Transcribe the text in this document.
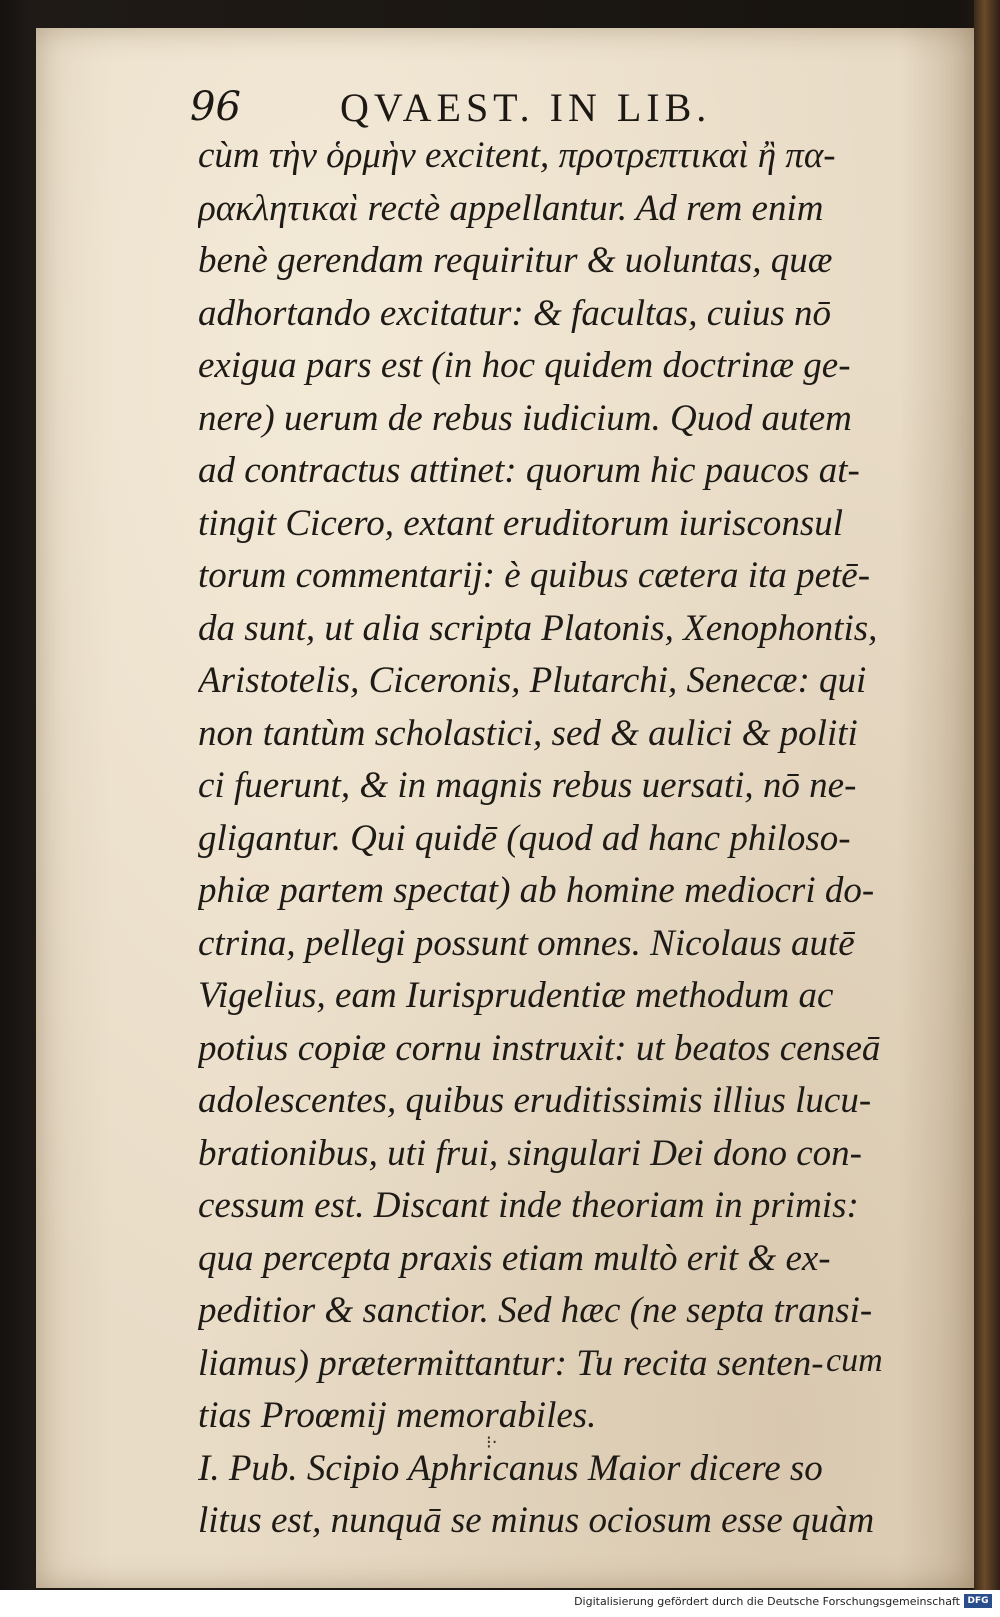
96 QVAEST. IN LIB.
cùm τὴν ὁρμὴν excitent, προτρεπτικαὶ ἢ πα-
ρακλητικαὶ rectè appellantur. Ad rem enim
benè gerendam requiritur & uoluntas, quæ
adhortando excitatur: & facultas, cuius nō
exigua pars est (in hoc quidem doctrinæ ge-
nere) uerum de rebus iudicium. Quod autem
ad contractus attinet: quorum hic paucos at-
tingit Cicero, extant eruditorum iurisconsul
torum commentarij: è quibus cætera ita petē-
da sunt, ut alia scripta Platonis, Xenophontis,
Aristotelis, Ciceronis, Plutarchi, Senecæ: qui
non tantùm scholastici, sed & aulici & politi
ci fuerunt, & in magnis rebus uersati, nō ne-
gligantur. Qui quidē (quod ad hanc philoso-
phiæ partem spectat) ab homine mediocri do-
ctrina, pellegi possunt omnes. Nicolaus autē
Vigelius, eam Iurisprudentiæ methodum ac
potius copiæ cornu instruxit: ut beatos censeā
adolescentes, quibus eruditissimis illius lucu-
brationibus, uti frui, singulari Dei dono con-
cessum est. Discant inde theoriam in primis:
qua percepta praxis etiam multò erit & ex-
peditior & sanctior. Sed hæc (ne septa transi-
liamus) prætermittantur: Tu recita senten-
tias Proœmij memorabiles.
I. Pub. Scipio Aphricanus Maior dicere so
litus est, nunquā se minus ociosum esse quàm
cum
⁝·
Digitalisierung gefördert durch die Deutsche Forschungsgemeinschaft DFG
